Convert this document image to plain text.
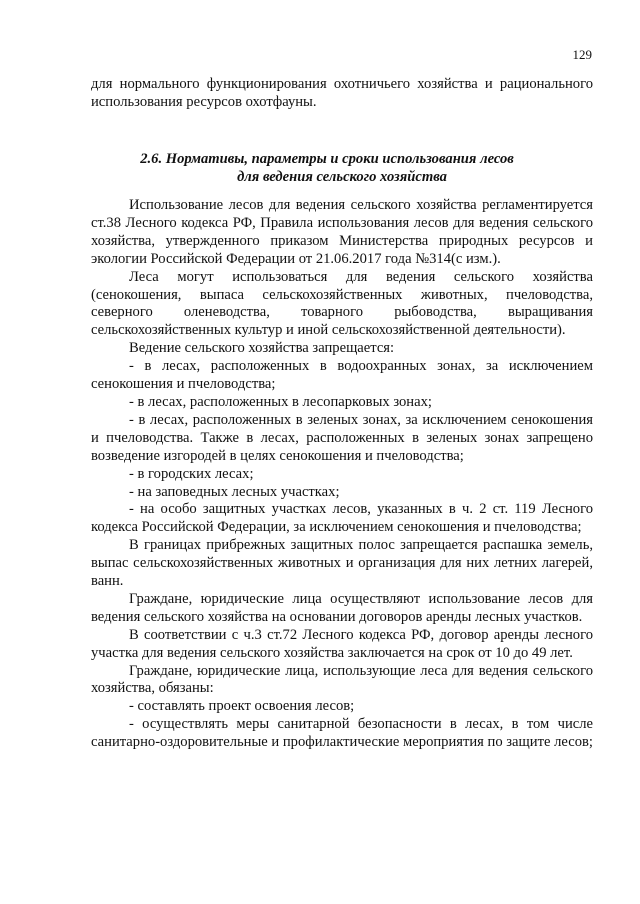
129

для нормального функционирования охотничьего хозяйства и рационального использования ресурсов охотфауны.

2.6. Нормативы, параметры и сроки использования лесов
для ведения сельского хозяйства

Использование лесов для ведения сельского хозяйства регламентируется ст.38 Лесного кодекса РФ, Правила использования лесов для ведения сельского хозяйства, утвержденного приказом Министерства природных ресурсов и экологии Российской Федерации от 21.06.2017 года №314(с изм.).

Леса могут использоваться для ведения сельского хозяйства (сенокошения, выпаса сельскохозяйственных животных, пчеловодства, северного оленеводства, товарного рыбоводства, выращивания сельскохозяйственных культур и иной сельскохозяйственной деятельности).

Ведение сельского хозяйства запрещается:

- в лесах, расположенных в водоохранных зонах, за исключением сенокошения и пчеловодства;

- в лесах, расположенных в лесопарковых зонах;

- в лесах, расположенных в зеленых зонах, за исключением сенокошения и пчеловодства. Также в лесах, расположенных в зеленых зонах запрещено возведение изгородей в целях сенокошения и пчеловодства;

- в городских лесах;

- на заповедных лесных участках;

- на особо защитных участках лесов, указанных в ч. 2 ст. 119 Лесного кодекса Российской Федерации, за исключением сенокошения и пчеловодства;

В границах прибрежных защитных полос запрещается распашка земель, выпас сельскохозяйственных животных и организация для них летних лагерей, ванн.

Граждане, юридические лица осуществляют использование лесов для ведения сельского хозяйства на основании договоров аренды лесных участков.

В соответствии с ч.3 ст.72 Лесного кодекса РФ, договор аренды лесного участка для ведения сельского хозяйства заключается на срок от 10 до 49 лет.

Граждане, юридические лица, использующие леса для ведения сельского хозяйства, обязаны:

- составлять проект освоения лесов;

- осуществлять меры санитарной безопасности в лесах, в том числе санитарно-оздоровительные и профилактические мероприятия по защите лесов;
